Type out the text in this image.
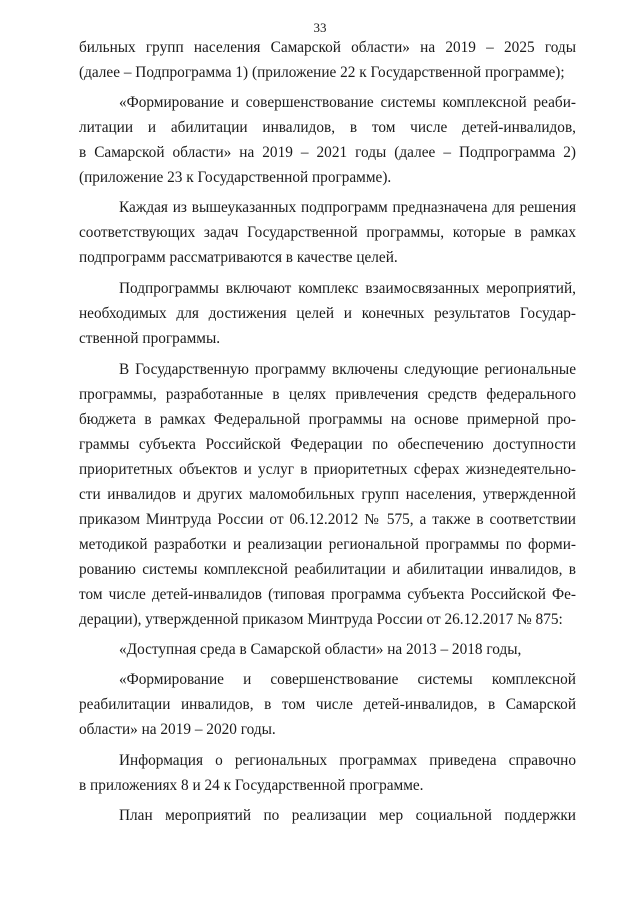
33
бильных групп населения Самарской области» на 2019 – 2025 годы
(далее – Подпрограмма 1) (приложение 22 к Государственной программе);
«Формирование и совершенствование системы комплексной реаби-
литации и абилитации инвалидов, в том числе детей-инвалидов,
в Самарской области» на 2019 – 2021 годы (далее – Подпрограмма 2)
(приложение 23 к Государственной программе).
Каждая из вышеуказанных подпрограмм предназначена для решения
соответствующих задач Государственной программы, которые в рамках
подпрограмм рассматриваются в качестве целей.
Подпрограммы включают комплекс взаимосвязанных мероприятий,
необходимых для достижения целей и конечных результатов Государ-
ственной программы.
В Государственную программу включены следующие региональные
программы, разработанные в целях привлечения средств федерального
бюджета в рамках Федеральной программы на основе примерной про-
граммы субъекта Российской Федерации по обеспечению доступности
приоритетных объектов и услуг в приоритетных сферах жизнедеятельно-
сти инвалидов и других маломобильных групп населения, утвержденной
приказом Минтруда России от 06.12.2012 № 575, а также в соответствии
методикой разработки и реализации региональной программы по форми-
рованию системы комплексной реабилитации и абилитации инвалидов, в
том числе детей-инвалидов (типовая программа субъекта Российской Фе-
дерации), утвержденной приказом Минтруда России от 26.12.2017 № 875:
«Доступная среда в Самарской области» на 2013 – 2018 годы,
«Формирование и совершенствование системы комплексной
реабилитации инвалидов, в том числе детей-инвалидов, в Самарской
области» на 2019 – 2020 годы.
Информация о региональных программах приведена справочно
в приложениях 8 и 24 к Государственной программе.
План мероприятий по реализации мер социальной поддержки
